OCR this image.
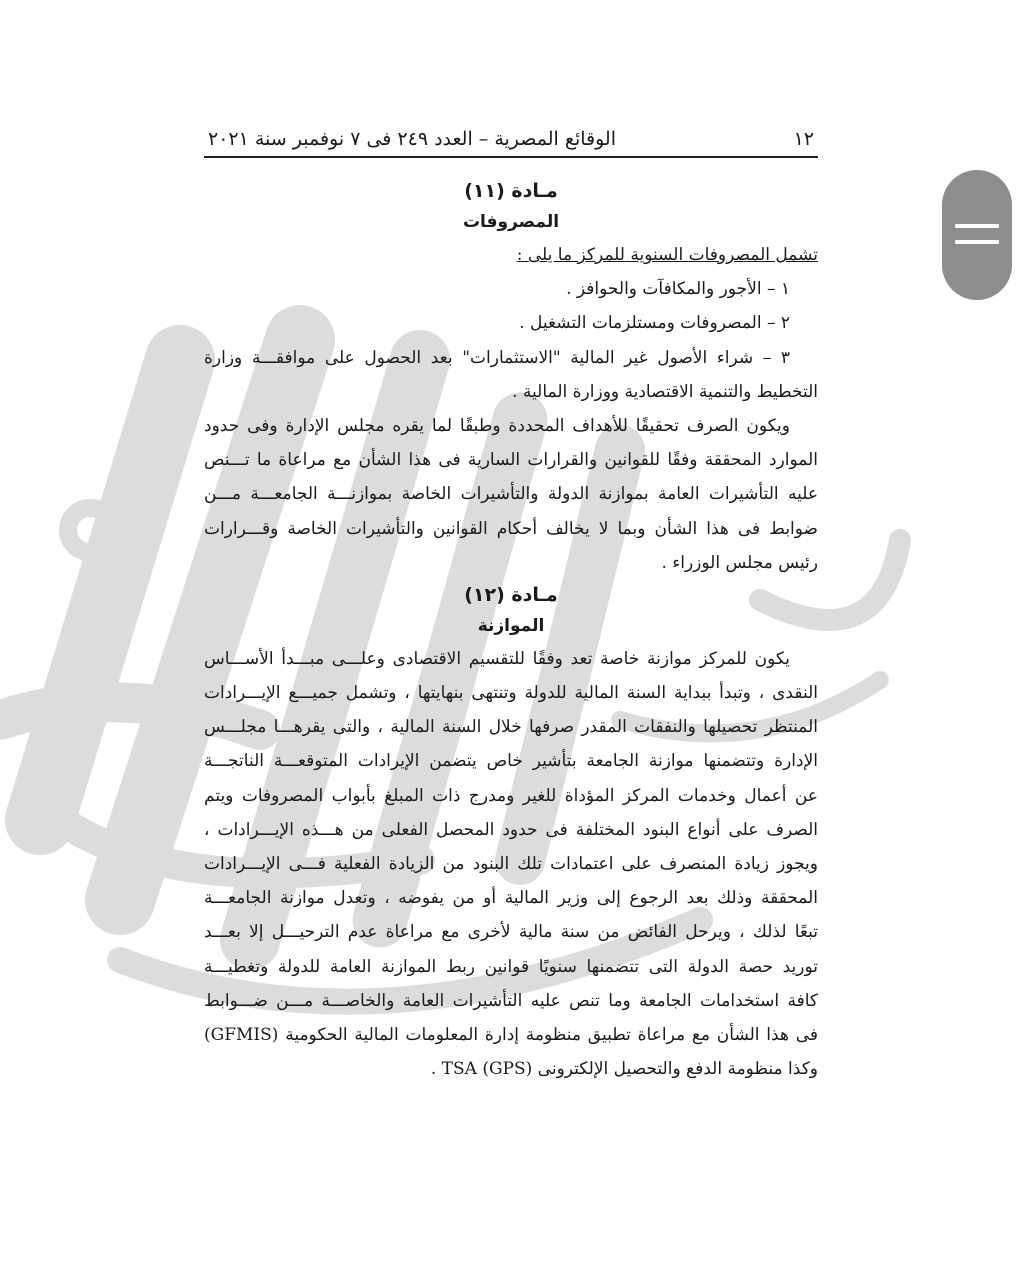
١٢
الوقائع المصرية – العدد ٢٤٩ فى ٧ نوفمبر سنة ٢٠٢١
مـادة (١١)
المصروفات
تشمل المصروفات السنوية للمركز ما يلى :
١ – الأجور والمكافآت والحوافز .
٢ – المصروفات ومستلزمات التشغيل .
٣ – شراء الأصول غير المالية "الاستثمارات" بعد الحصول على موافقـــة وزارة
التخطيط والتنمية الاقتصادية ووزارة المالية .
ويكون الصرف تحقيقًا للأهداف المحددة وطبقًا لما يقره مجلس الإدارة وفى حدود
الموارد المحققة وفقًا للقوانين والقرارات السارية فى هذا الشأن مع مراعاة ما تـــنص
عليه التأشيرات العامة بموازنة الدولة والتأشيرات الخاصة بموازنـــة الجامعـــة مـــن
ضوابط فى هذا الشأن وبما لا يخالف أحكام القوانين والتأشيرات الخاصة وقـــرارات
رئيس مجلس الوزراء .
مـادة (١٢)
الموازنة
يكون للمركز موازنة خاصة تعد وفقًا للتقسيم الاقتصادى وعلـــى مبـــدأ الأســـاس
النقدى ، وتبدأ ببداية السنة المالية للدولة وتنتهى بنهايتها ، وتشمل جميـــع الإيـــرادات
المنتظر تحصيلها والنفقات المقدر صرفها خلال السنة المالية ، والتى يقرهـــا مجلـــس
الإدارة وتتضمنها موازنة الجامعة بتأشير خاص يتضمن الإيرادات المتوقعـــة الناتجـــة
عن أعمال وخدمات المركز المؤداة للغير ومدرج ذات المبلغ بأبواب المصروفات ويتم
الصرف على أنواع البنود المختلفة فى حدود المحصل الفعلى من هـــذه الإيـــرادات ،
ويجوز زيادة المنصرف على اعتمادات تلك البنود من الزيادة الفعلية فـــى الإيـــرادات
المحققة وذلك بعد الرجوع إلى وزير المالية أو من يفوضه ، وتعدل موازنة الجامعـــة
تبعًا لذلك ، ويرحل الفائض من سنة مالية لأخرى مع مراعاة عدم الترحيـــل إلا بعـــد
توريد حصة الدولة التى تتضمنها سنويًا قوانين ربط الموازنة العامة للدولة وتغطيـــة
كافة استخدامات الجامعة وما تنص عليه التأشيرات العامة والخاصـــة مـــن ضـــوابط
فى هذا الشأن مع مراعاة تطبيق منظومة إدارة المعلومات المالية الحكومية (GFMIS)
وكذا منظومة الدفع والتحصيل الإلكترونى (GPS) TSA .
